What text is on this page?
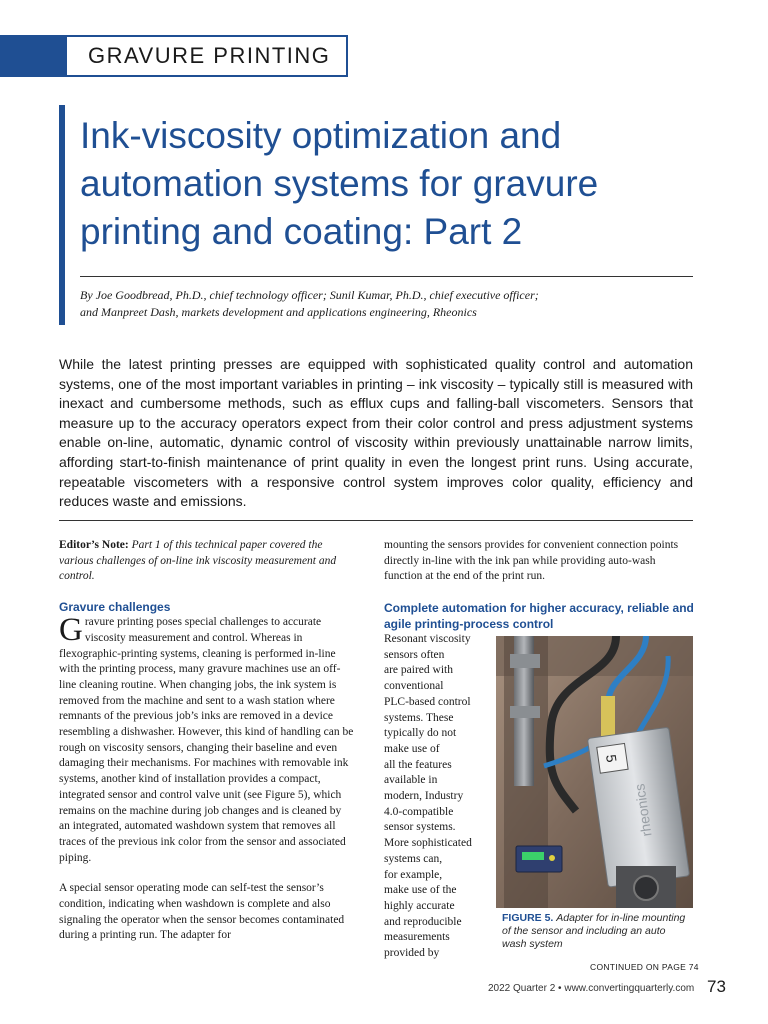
GRAVURE PRINTING
Ink-viscosity optimization and automation systems for gravure printing and coating: Part 2
By Joe Goodbread, Ph.D., chief technology officer; Sunil Kumar, Ph.D., chief executive officer;
and Manpreet Dash, markets development and applications engineering, Rheonics

While the latest printing presses are equipped with sophisticated quality control and automation systems, one of the most important variables in printing – ink viscosity – typically still is measured with inexact and cumbersome methods, such as efflux cups and falling-ball viscometers. Sensors that measure up to the accuracy operators expect from their color control and press adjustment systems enable on-line, automatic, dynamic control of viscosity within previously unattainable narrow limits, affording start-to-finish maintenance of print quality in even the longest print runs. Using accurate, repeatable viscometers with a responsive control system improves color quality, efficiency and reduces waste and emissions.

Editor’s Note: Part 1 of this technical paper covered the various challenges of on-line ink viscosity measurement and control.

Gravure challenges

Gravure printing poses special challenges to accurate viscosity measurement and control. Whereas in flexographic-printing systems, cleaning is performed in-line with the printing process, many gravure machines use an off-line cleaning routine. When changing jobs, the ink system is removed from the machine and sent to a wash station where remnants of the previous job’s inks are removed in a device resembling a dishwasher. However, this kind of handling can be rough on viscosity sensors, changing their baseline and even damaging their mechanisms. For machines with removable ink systems, another kind of installation provides a compact, integrated sensor and control valve unit (see Figure 5), which remains on the machine during job changes and is cleaned by an integrated, automated washdown system that removes all traces of the previous ink color from the sensor and associated piping.

A special sensor operating mode can self-test the sensor’s condition, indicating when washdown is complete and also signaling the operator when the sensor becomes contaminated during a printing run. The adapter for

mounting the sensors provides for convenient connection points directly in-line with the ink pan while providing auto-wash function at the end of the print run.

Complete automation for higher accuracy, reliable and agile printing-process control

Resonant viscosity
sensors often
are paired with
conventional
PLC-based control
systems. These
typically do not
make use of
all the features
available in
modern, Industry
4.0-compatible
sensor systems.
More sophisticated
systems can,
for example,
make use of the
highly accurate
and reproducible
measurements
provided by
5
rheonics
FIGURE 5. Adapter for in-line mounting of the sensor and including an auto wash system
CONTINUED ON PAGE 74
2022 Quarter 2 • www.convertingquarterly.com 73
